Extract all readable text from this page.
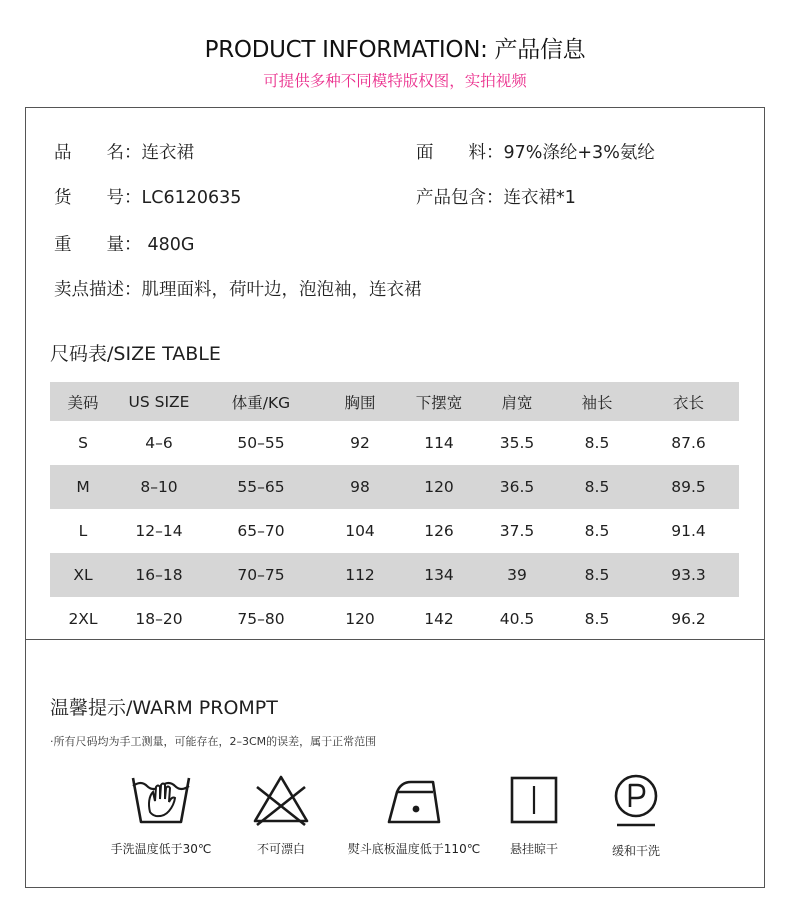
PRODUCT INFORMATION: 产品信息
可提供多种不同模特版权图，实拍视频
品　　名：连衣裙	面　　料：97%涤纶+3%氨纶
货　　号：LC6120635	产品包含：连衣裙*1
重　　量： 480G
卖点描述：肌理面料，荷叶边，泡泡袖，连衣裙
尺码表/SIZE TABLE
美码	US SIZE	体重/KG	胸围	下摆宽	肩宽	袖长	衣长
S	4–6	50–55	92	114	35.5	8.5	87.6
M	8–10	55–65	98	120	36.5	8.5	89.5
L	12–14	65–70	104	126	37.5	8.5	91.4
XL	16–18	70–75	112	134	39	8.5	93.3
2XL	18–20	75–80	120	142	40.5	8.5	96.2
温馨提示/WARM PROMPT
·所有尺码均为手工测量，可能存在，2–3CM的误差，属于正常范围
手洗温度低于30℃	不可漂白	熨斗底板温度低于110℃	悬挂晾干	缓和干洗
